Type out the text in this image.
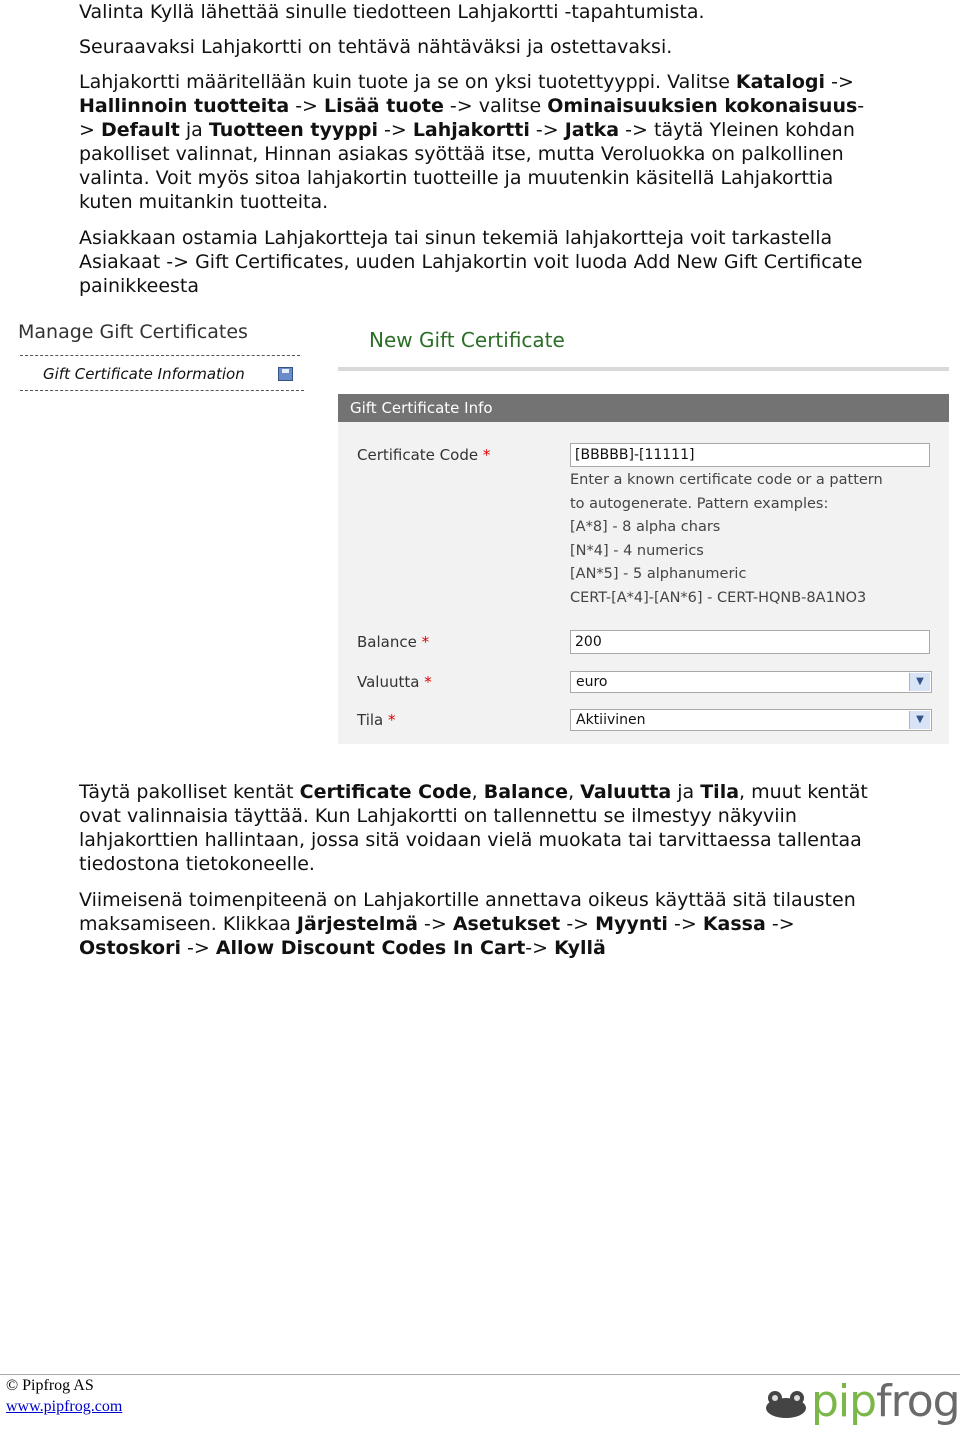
Valinta Kyllä lähettää sinulle tiedotteen Lahjakortti -tapahtumista.

Seuraavaksi Lahjakortti on tehtävä nähtäväksi ja ostettavaksi.

Lahjakortti määritellään kuin tuote ja se on yksi tuotettyyppi. Valitse Katalogi -> Hallinnoin tuotteita -> Lisää tuote -> valitse Ominaisuuksien kokonaisuus- > Default ja Tuotteen tyyppi -> Lahjakortti -> Jatka -> täytä Yleinen kohdan pakolliset valinnat, Hinnan asiakas syöttää itse, mutta Veroluokka on palkollinen valinta. Voit myös sitoa lahjakortin tuotteille ja muutenkin käsitellä Lahjakorttia kuten muitankin tuotteita.

Asiakkaan ostamia Lahjakortteja tai sinun tekemiä lahjakortteja voit tarkastella Asiakaat -> Gift Certificates, uuden Lahjakortin voit luoda Add New Gift Certificate painikkeesta

Manage Gift Certificates
Gift Certificate Information
New Gift Certificate
Gift Certificate Info
Certificate Code *	[BBBBB]-[11111]
Enter a known certificate code or a pattern
to autogenerate. Pattern examples:
[A*8] - 8 alpha chars
[N*4] - 4 numerics
[AN*5] - 5 alphanumeric
CERT-[A*4]-[AN*6] - CERT-HQNB-8A1NO3
Balance *	200
Valuutta *	euro	▼
Tila *	Aktiivinen	▼

Täytä pakolliset kentät Certificate Code, Balance, Valuutta ja Tila, muut kentät ovat valinnaisia täyttää. Kun Lahjakortti on tallennettu se ilmestyy näkyviin lahjakorttien hallintaan, jossa sitä voidaan vielä muokata tai tarvittaessa tallentaa tiedostona tietokoneelle.

Viimeisenä toimenpiteenä on Lahjakortille annettava oikeus käyttää sitä tilausten maksamiseen. Klikkaa Järjestelmä -> Asetukset -> Myynti -> Kassa -> Ostoskori -> Allow Discount Codes In Cart-> Kyllä

© Pipfrog AS
www.pipfrog.com	pipfrog
